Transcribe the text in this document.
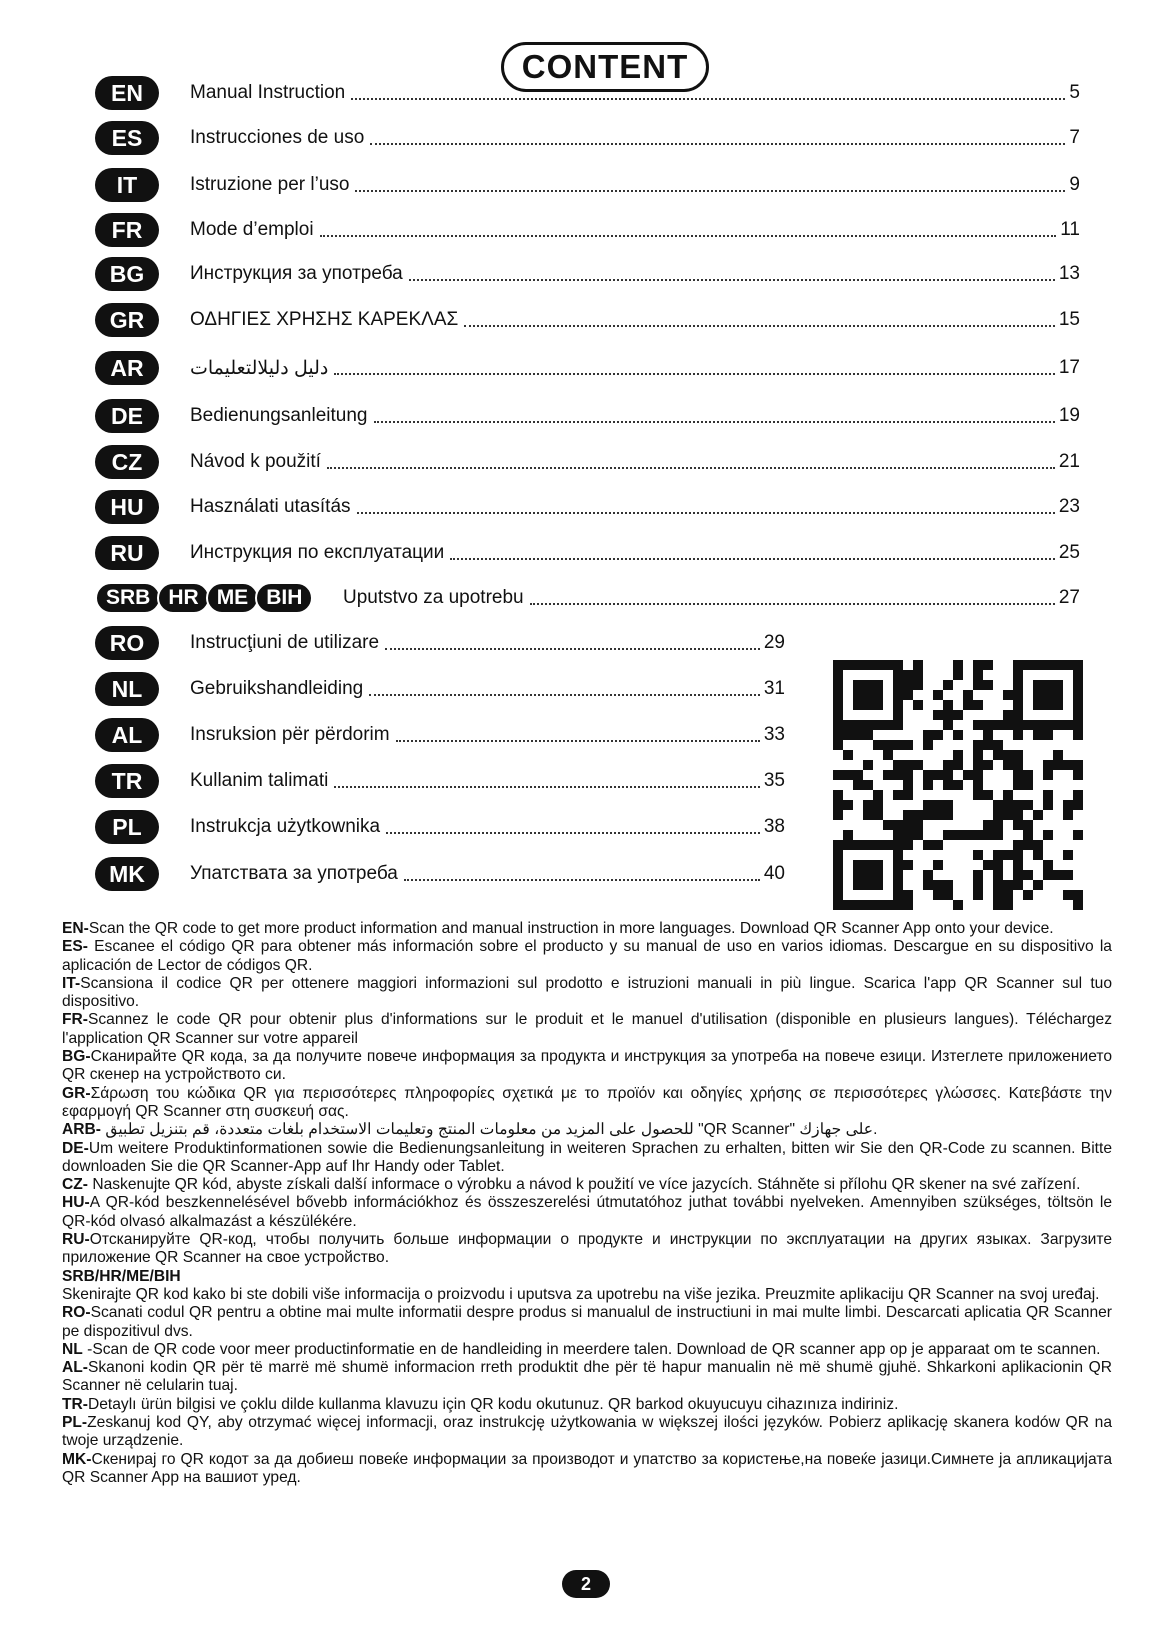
CONTENT
EN	Manual Instruction	5
ES	Instrucciones de uso	7
IT	Istruzione per l’uso	9
FR	Mode d’emploi	11
BG	Инструкция за употреба	13
GR	ΟΔΗΓΙΕΣ ΧΡΗΣΗΣ ΚΑΡΕΚΛΑΣ	15
AR	دليل دليلالتعليمات	17
DE	Bedienungsanleitung	19
CZ	Návod k použití	21
HU	Használati utasítás	23
RU	Инструкция по експлуатации	25
SRB HR ME BIH	Uputstvo za upotrebu	27
RO	Instrucţiuni de utilizare	29
NL	Gebruikshandleiding	31
AL	Insruksion për përdorim	33
TR	Kullanim talimati	35
PL	Instrukcja użytkownika	38
MK	Упатствата за употреба	40

EN-Scan the QR code to get more product information and manual instruction in more languages. Download QR Scanner App onto your device.

ES- Escanee el código QR para obtener más información sobre el producto y su manual de uso en varios idiomas. Descargue en su dispositivo la aplicación de Lector de códigos QR.

IT-Scansiona il codice QR per ottenere maggiori informazioni sul prodotto e istruzioni manuali in più lingue. Scarica l'app QR Scanner sul tuo dispositivo.

FR-Scannez le code QR pour obtenir plus d'informations sur le produit et le manuel d'utilisation (disponible en plusieurs langues). Téléchargez l'application QR Scanner sur votre appareil

BG-Сканирайте QR кода, за да получите повече информация за продукта и инструкция за употреба на повече езици. Изтеглете приложението QR скенер на устройството си.

GR-Σάρωση του κώδικα QR για περισσότερες πληροφορίες σχετικά με το προϊόν και οδηγίες χρήσης σε περισσότερες γλώσσες. Κατεβάστε την εφαρμογή QR Scanner στη συσκευή σας.

ARB- للحصول على المزيد من معلومات المنتج وتعليمات الاستخدام بلغات متعددة، قم بتنزيل تطبيق "QR Scanner" على جهازك.

DE-Um weitere Produktinformationen sowie die Bedienungsanleitung in weiteren Sprachen zu erhalten, bitten wir Sie den QR-Code zu scannen. Bitte downloaden Sie die QR Scanner-App auf Ihr Handy oder Tablet.

CZ- Naskenujte QR kód, abyste získali další informace o výrobku a návod k použití ve více jazycích. Stáhněte si přílohu QR skener na své zařízení.

HU-A QR-kód beszkennelésével bővebb információkhoz és összeszerelési útmutatóhoz juthat további nyelveken. Amennyiben szükséges, töltsön le QR-kód olvasó alkalmazást a készülékére.

RU-Отсканируйте QR-код, чтобы получить больше информации о продукте и инструкции по эксплуатации на других языках. Загрузите приложение QR Scanner на свое устройство.

SRB/HR/ME/BIH
Skenirajte QR kod kako bi ste dobili više informacija o proizvodu i uputsva za upotrebu na više jezika. Preuzmite aplikaciju QR Scanner na svoj uređaj.

RO-Scanati codul QR pentru a obtine mai multe informatii despre produs si manualul de instructiuni in mai multe limbi. Descarcati aplicatia QR Scanner pe dispozitivul dvs.

NL -Scan de QR code voor meer productinformatie en de handleiding in meerdere talen. Download de QR scanner app op je apparaat om te scannen.

AL-Skanoni kodin QR për të marrë më shumë informacion rreth produktit dhe për të hapur manualin në më shumë gjuhë. Shkarkoni aplikacionin QR Scanner në celularin tuaj.

TR-Detaylı ürün bilgisi ve çoklu dilde kullanma klavuzu için QR kodu okutunuz. QR barkod okuyucuyu cihazınıza indiriniz.

PL-Zeskanuj kod QY, aby otrzymać więcej informacji, oraz instrukcję użytkowania w większej ilości języków. Pobierz aplikację skanera kodów QR na twoje urządzenie.

MK-Скенирај го QR кодот за да добиеш повеќе информации за производот и упатство за користење,на повеќе јазици.Симнете ја апликацијата QR Scanner App на вашиот уред.

2
